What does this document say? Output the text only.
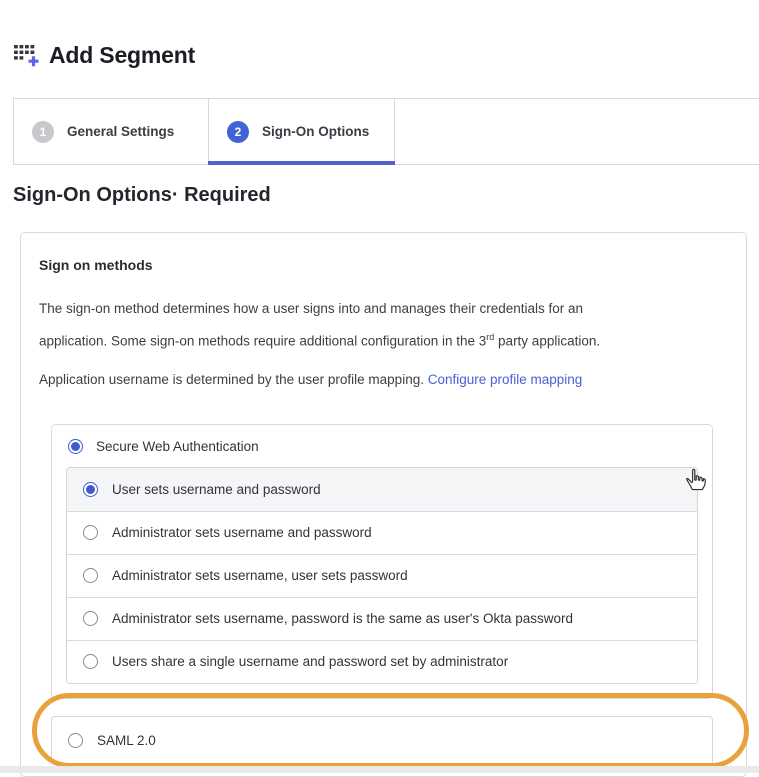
Add Segment
1	General Settings	2	Sign-On Options
Sign-On Options· Required
Sign on methods

The sign-on method determines how a user signs into and manages their credentials for an
application. Some sign-on methods require additional configuration in the 3rd party application.

Application username is determined by the user profile mapping. Configure profile mapping

Secure Web Authentication
User sets username and password
Administrator sets username and password
Administrator sets username, user sets password
Administrator sets username, password is the same as user's Okta password
Users share a single username and password set by administrator
SAML 2.0
